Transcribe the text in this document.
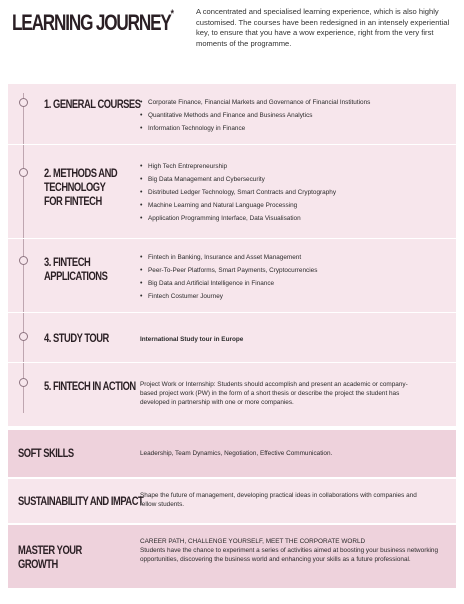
LEARNING JOURNEY*	A concentrated and specialised learning experience, which is also highly customised. The courses have been redesigned in an intensely experiential key, to ensure that you have a wow experience, right from the very first moments of the programme.

1. GENERAL COURSES
•	Corporate Finance, Financial Markets and Governance of Financial Institutions
• Quantitative Methods and Finance and Business Analytics
• Information Technology in Finance
2. METHODS AND
TECHNOLOGY
FOR FINTECH
• High Tech Entrepreneurship
• Big Data Management and Cybersecurity
• Distributed Ledger Technology, Smart Contracts and Cryptography
• Machine Learning and Natural Language Processing
• Application Programming Interface, Data Visualisation
3. FINTECH
APPLICATIONS
• Fintech in Banking, Insurance and Asset Management
• Peer-To-Peer Platforms, Smart Payments, Cryptocurrencies
• Big Data and Artificial Intelligence in Finance
• Fintech Costumer Journey
4. STUDY TOUR	International Study tour in Europe

5. FINTECH IN ACTION Project Work or Internship: Students should accomplish and present an academic or company-based project work (PW) in the form of a short thesis or describe the project the student has developed in partnership with one or more companies.

SOFT SKILLS	Leadership, Team Dynamics, Negotiation, Effective Communication.

SUSTAINABILITY AND IMPACT

Shape the future of management, developing practical ideas in collaborations with companies and fellow students.

MASTER YOUR
GROWTH

CAREER PATH, CHALLENGE YOURSELF, MEET THE CORPORATE WORLD
Students have the chance to experiment a series of activities aimed at boosting your business networking opportunities, discovering the business world and enhancing your skills as a future professional.
